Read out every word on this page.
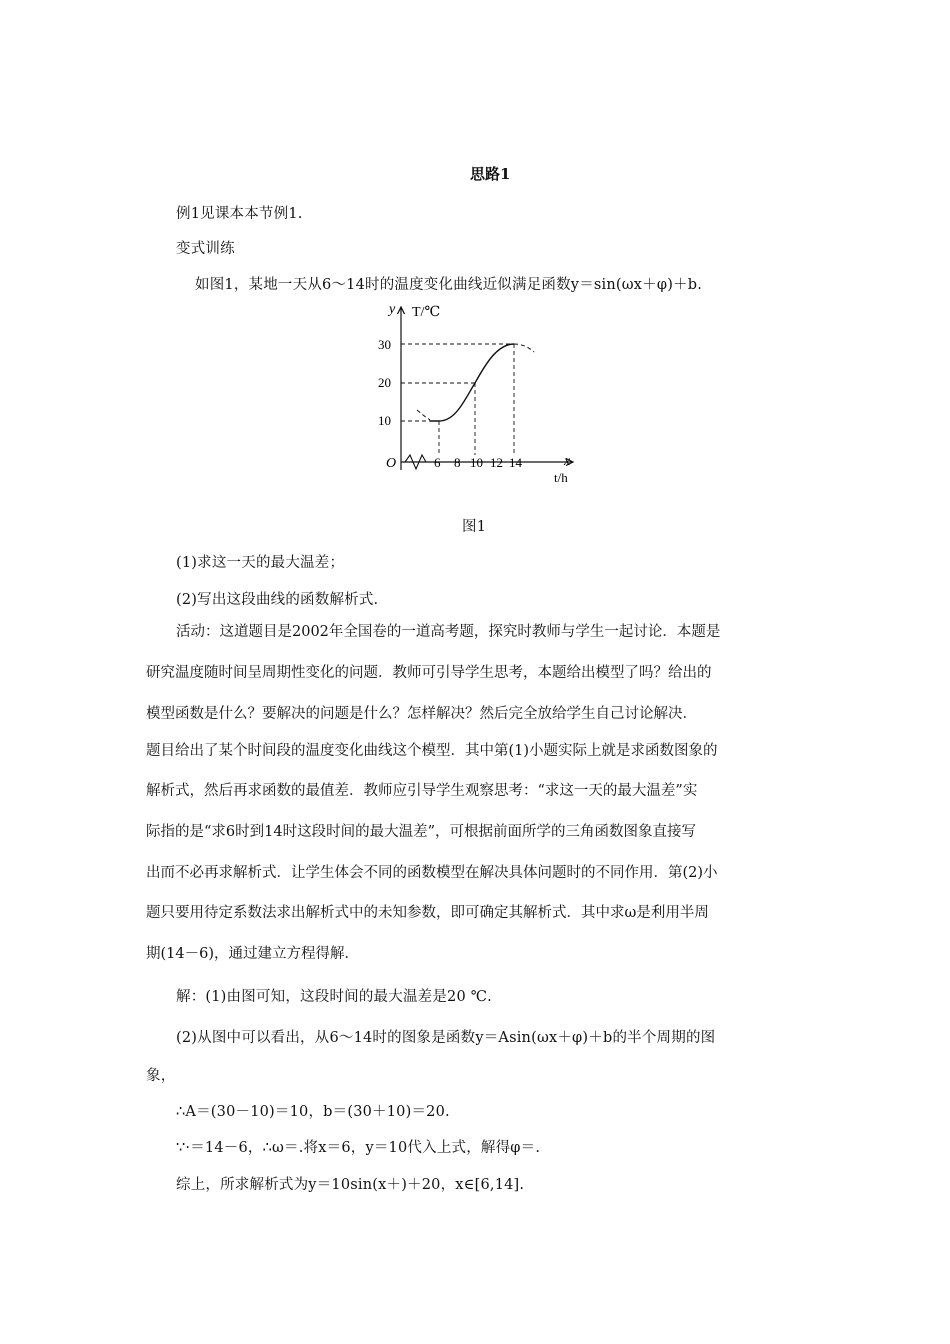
思路1
例1见课本本节例1.
变式训练
如图1，某地一天从6～14时的温度变化曲线近似满足函数y＝sin(ωx＋φ)＋b.
y T/℃
x
t/h
O
10
20
30
6 8 10 12 14
图1
(1)求这一天的最大温差；
(2)写出这段曲线的函数解析式.
活动：这道题目是2002年全国卷的一道高考题，探究时教师与学生一起讨论．本题是
研究温度随时间呈周期性变化的问题．教师可引导学生思考，本题给出模型了吗？给出的
模型函数是什么？要解决的问题是什么？怎样解决？然后完全放给学生自己讨论解决．
题目给出了某个时间段的温度变化曲线这个模型．其中第(1)小题实际上就是求函数图象的
解析式，然后再求函数的最值差．教师应引导学生观察思考：“求这一天的最大温差”实
际指的是“求6时到14时这段时间的最大温差”，可根据前面所学的三角函数图象直接写
出而不必再求解析式．让学生体会不同的函数模型在解决具体问题时的不同作用．第(2)小
题只要用待定系数法求出解析式中的未知参数，即可确定其解析式．其中求ω是利用半周
期(14－6)，通过建立方程得解．
解：(1)由图可知，这段时间的最大温差是20 ℃.
(2)从图中可以看出，从6～14时的图象是函数y＝Asin(ωx＋φ)＋b的半个周期的图
象，
∴A＝(30－10)＝10，b＝(30＋10)＝20.
∵·＝14－6，∴ω＝.将x＝6，y＝10代入上式，解得φ＝.
综上，所求解析式为y＝10sin(x＋)＋20，x∈[6,14].
